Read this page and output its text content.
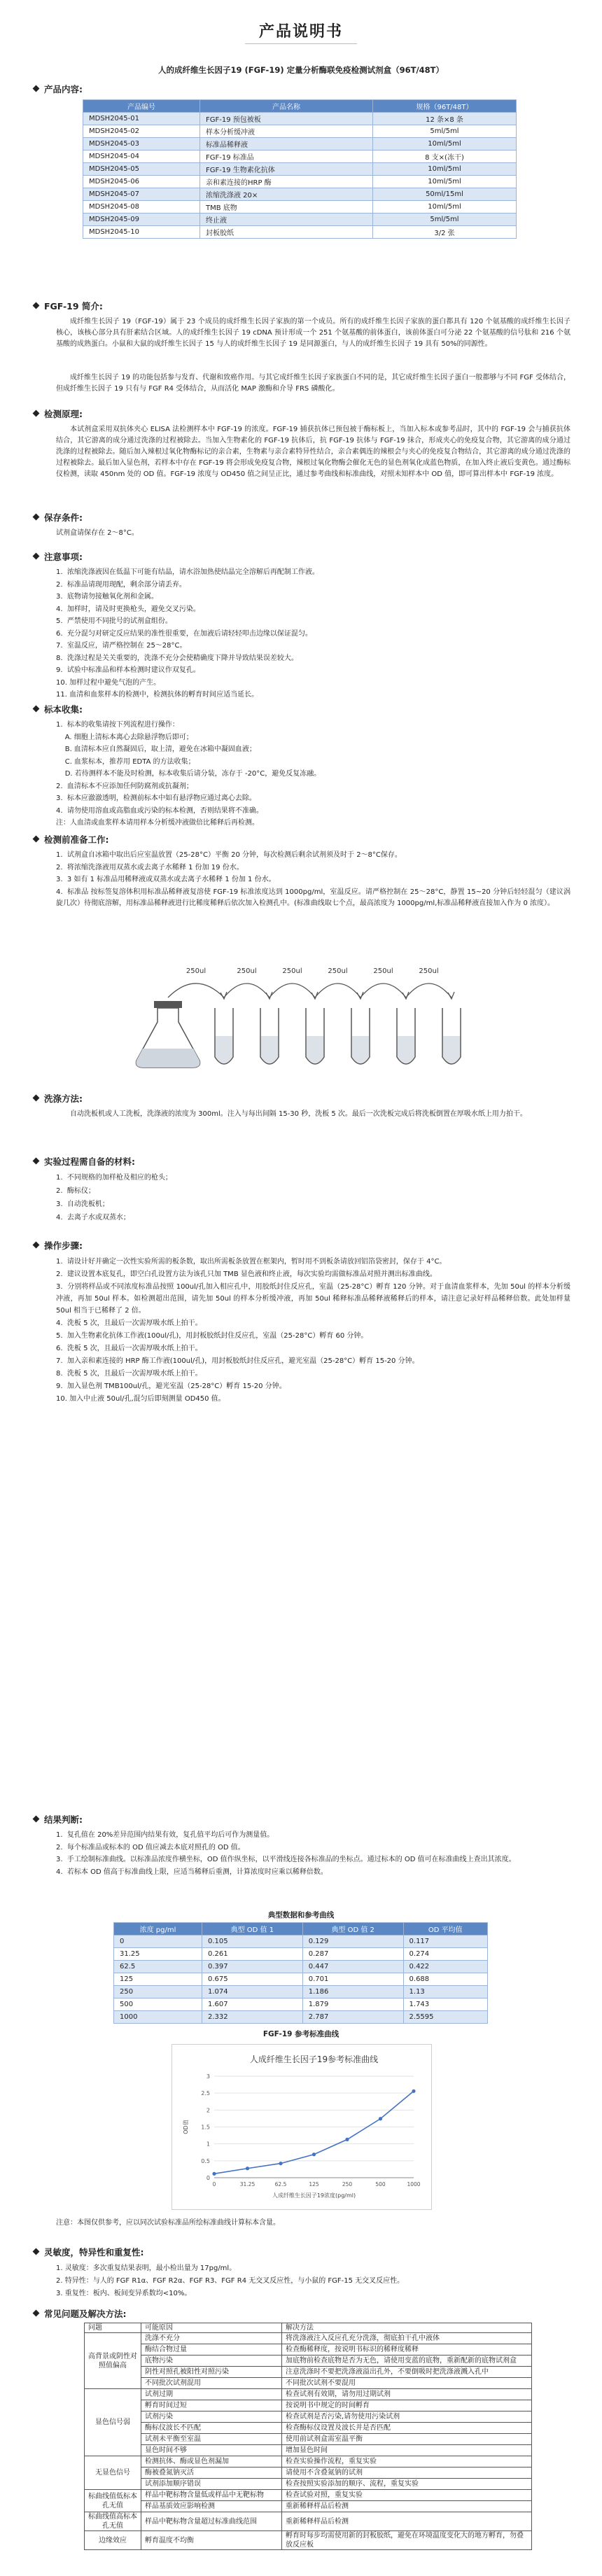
产品说明书
人的成纤维生长因子19 (FGF-19) 定量分析酶联免疫检测试剂盒（96T/48T）
产品内容:
产品编号	产品名称	规格（96T/48T）
MDSH2045-01	FGF-19 预包被板	12 条×8 条
MDSH2045-02	样本分析缓冲液	5ml/5ml
MDSH2045-03	标准品稀释液	10ml/5ml
MDSH2045-04	FGF-19 标准品	8 支×(冻干)
MDSH2045-05	FGF-19 生物素化抗体	10ml/5ml
MDSH2045-06	亲和素连接的HRP 酶	10ml/5ml
MDSH2045-07	浓缩洗涤液 20×	50ml/15ml
MDSH2045-08	TMB 底物	10ml/5ml
MDSH2045-09	终止液	5ml/5ml
MDSH2045-10	封板胶纸	3/2 张
FGF-19 简介:
成纤维生长因子 19（FGF-19）属于 23 个成员的成纤维生长因子家族的第一个成员。所有的成纤维生长因子家族的蛋白都具有 120 个氨基酸的成纤维生长因子核心，该核心部分具有肝素结合区域。人的成纤维生长因子 19 cDNA 预计形成一个 251 个氨基酸的前体蛋白，该前体蛋白可分泌 22 个氨基酸的信号肽和 216 个氨基酸的成熟蛋白。小鼠和大鼠的成纤维生长因子 15 与人的成纤维生长因子 19 是同源蛋白，与人的成纤维生长因子 19 具有 50%的同源性。
成纤维生长因子 19 的功能包括参与发育、代谢和致癌作用。与其它成纤维生长因子家族蛋白不同的是，其它成纤维生长因子蛋白一般都够与不同 FGF 受体结合，但成纤维生长因子 19 只有与 FGF R4 受体结合，从而活化 MAP 激酶和介导 FRS 磷酸化。
检测原理:
本试剂盒采用双抗体夹心 ELISA 法检测样本中 FGF-19 的浓度。FGF-19 捕获抗体已预包被于酶标板上，当加入标本或参考品时，其中的 FGF-19 会与捕获抗体结合，其它游离的成分通过洗涤的过程被除去。当加入生物素化的 FGF-19 抗体后，抗 FGF-19 抗体与 FGF-19 抹合，形成夹心的免疫复合物，其它游离的成分通过洗涤的过程被除去。随后加入辣根过氧化物酶标记的亲合素，生物素与亲合素特异性结合，亲合素偶连的辣根会与夹心的免疫复合物结合，其它游离的成分通过洗涤的过程被除去。最后加入显色剂，若样本中存在 FGF-19 将会形成免疫复合物，辣根过氧化物酶会催化无色的显色剂氧化成蓝色物质，在加入终止液后变黄色。通过酶标仪检测，读取 450nm 处的 OD 值。FGF-19 浓度与 OD450 值之间呈正比，通过参考曲线和标准曲线，对照未知样本中 OD 值，即可算出样本中 FGF-19 浓度。
保存条件:
试剂盒请保存在 2～8°C。
注意事项:
1.  浓缩洗涤液因在低温下可能有结晶，请水浴加热使结晶完全溶解后再配制工作液。
2.  标准品请现用现配，剩余部分请丢弃。
3.  底物请勿接触氧化剂和金属。
4.  加样时，请及时更换枪头，避免交叉污染。
5.  严禁使用不同批号的试剂盒组份。
6.  充分混匀对研定反应结果的准性很重要，在加液后请轻轻叩击边缘以保证混匀。
7.  室温反应，请严格控制在 25～28°C。
8.  洗涤过程是关关重要的，洗涤不充分会使精确度下降并导致结果误差较大。
9.  试验中标准品和样本检测时建议作双复孔。
10. 加样过程中避免气泡的产生。
11. 血清和血浆样本的检测中，检测抗体的孵育时间应适当延长。
标本收集:
1.  标本的收集请按下列流程进行操作：
A. 细胞上清标本离心去除悬浮物后即可；
B. 血清标本应自然凝固后，取上清，避免在冰箱中凝固血液；
C. 血浆标本，推荐用 EDTA 的方法收集；
D. 若待测样本不能及时检测，标本收集后请分装，冻存于 -20°C，避免反复冻融。
2.  血清标本不应添加任何防腐剂或抗凝剂；
3.  标本应澈澈透明，检测前标本中如有悬浮物应通过离心去除。
4.  请勿使用溶血或高脂血或污染的标本检测，否则结果将不准确。
注：人血清或血浆样本请用样本分析缓冲液做倍比稀释后再检测。
检测前准备工作:
1.  试剂盒自冰箱中取出后应室温放置（25-28°C）平衡 20 分钟，每次检测后剩余试剂须及时于 2～8°C保存。
2.  将浓缩洗涤液用双蒸水或去离子水稀释 1 份加 19 份水。
3.  3 如有 1 标准品用稀释液或双蒸水或去离子水稀释 1 份加 1 份水。
4.  标准品 按标签复溶体积用标准品稀释液复溶使 FGF-19 标准浓度达到 1000pg/ml，室温反应。请严格控制在 25～28°C，静置 15~20 分钟后轻轻混匀（建议涡旋几次）待彻底溶解，用标准品稀释液进行比稀度稀释后依次加入检测孔中。(标准曲线取七个点，最高浓度为 1000pg/ml,标准品稀释液直接加入作为 0 浓度）。
250ul	250ul	250ul	250ul	250ul	250ul
洗涤方法:
自动洗板机或人工洗板，洗涤液的浓度为 300ml。注入与每出间隔 15-30 秒，洗板 5 次。最后一次洗板完成后将洗板倒置在厚吸水纸上用力拍干。
实验过程需自备的材料:
1.  不同规格的加样枪及相应的枪头；
2.  酶标仪；
3.  自动洗板机；
4.  去离子水或双蒸水；
操作步骤:
1.  请设计好并确定一次性实验所需的板条数，取出所需板条放置在框架内，暂时用不到板条请放回铝箔袋密封，保存于 4°C。
2.  建议设置本底复孔，即空白孔设置方法为该孔只加 TMB 显色液和终止液，每次实验均需做标准品对照并测出标准曲线。
3.  分别将样品或不同浓度标准品按照 100ul/孔加入相应孔中，用胶纸封住反应孔，室温（25-28°C）孵育 120 分钟。对于血清血浆样本，先加 50ul 的样本分析缓冲液，再加 50ul 样本。如检测超出范围，请先加 50ul 的样本分析缓冲液，再加 50ul 稀释标准品稀释液稀释后的样本，请注意记录好样品稀释倍数。此处加样量 50ul 相当于已稀释了 2 倍。
4.  洗板 5 次，且最后一次需厚吸水纸上拍干。
5.  加入生物素化抗体工作液(100ul/孔)，用封板胶纸封住反应孔，室温（25-28°C）孵育 60 分钟。
6.  洗板 5 次，且最后一次需厚吸水纸上拍干。
7.  加入亲和素连接的 HRP 酶工作液(100ul/孔)，用封板胶纸封住反应孔，避光室温（25-28°C）孵育 15-20 分钟。
8.  洗板 5 次，且最后一次需厚吸水纸上拍干。
9.  加入显色剂 TMB100ul/孔，避光室温（25-28°C）孵育 15-20 分钟。
10. 加入中止液 50ul/孔,混匀后即刻测量 OD450 值。
结果判断:
1.  复孔值在 20%差异范围内结果有效，复孔值平均后可作为测量值。
2.  每个标准品或标本的 OD 值应减去本底对照孔的 OD 值。
3.  手工绘制标准曲线。以标准品浓度作横坐标，OD 值作纵坐标，以平滑线连接各标准品的坐标点。通过标本的 OD 值可在标准曲线上查出其浓度。
4.  若标本 OD 值高于标准曲线上限，应适当稀释后重测，计算浓度时应乘以稀释倍数。
典型数据和参考曲线
浓度 pg/ml	典型 OD 值 1	典型 OD 值 2	OD 平均值
0	0.105	0.129	0.117
31.25	0.261	0.287	0.274
62.5	0.397	0.447	0.422
125	0.675	0.701	0.688
250	1.074	1.186	1.13
500	1.607	1.879	1.743
1000	2.332	2.787	2.5595
FGF-19 参考标准曲线
人成纤维生长因子19参考标准曲线
0
0.5
1
1.5
2
2.5
3
0	31.25	62.5	125	250	500	1000
OD值
人成纤维生长因子19浓度(pg/ml)
注意：本图仅供参考，应以同次试验标准品所绘标准曲线计算标本含量。
灵敏度，特异性和重复性:
1. 灵敏度：多次重复结果表明，最小检出量为 17pg/ml。
2. 特异性：与人的 FGF R1α、FGF R2α、FGF R3、FGF R4 无交叉反应性，与小鼠的 FGF-15 无交叉反应性。
3. 重复性：板内、板间变异系数均<10%。
常见问题及解决方法:
问题	可能原因	解决方法
高背景或阴性对照值偏高	洗涤不充分	将洗涤液注入反应孔充分洗涤，彻底拍干孔中液体
	酶结合物过量	检查酶稀释度，按说明书标识的稀释度稀释
	底物污染	加底物前检查底物是否为无色，请使用变蓝的底物，重新配新的底物试剂盒
	阴性对照孔被阳性对照污染	注意洗涤时不要把洗涤液溢出孔外，不要倒吸时把洗涤液溅入孔中
	不同批次试剂混用	不同批次试剂不要混用
显色信号弱	试剂过期	检查试剂有效期，请勿用过期试剂
	孵育时间过短	按说明书中规定的时间孵育
	试剂污染	检查试剂是否污染,请勿使用污染试剂
	酶标仪波长不匹配	检查酶标仪设置及波长并是否匹配
	试剂未平衡至室温	使用前试剂盒需室温平衡
	显色时间不够	增加显色时间
无显色信号	检测抗体、酶或显色剂漏加	检查实验操作流程，重复实验
	酶被叠氮钠灭活	请使用不含叠氮钠的试剂
	试剂添加顺序错误	检查按照实验添加的顺序、流程，重复实验
标曲线值低标本孔无值	样品中靶标物含量低或样品中无靶标物	检查试验对照，重复实验
	样品基质效应影响检测	重新稀释样品后检测
标曲线值高标本孔无值	样品中靶标物含量超过标准曲线范围	重新稀释样品后检测
边缘效应	孵育温度不均衡	孵育时每步均需使用新的封板胶纸，避免在环境温度变化大的地方孵育，勿叠放反应板
